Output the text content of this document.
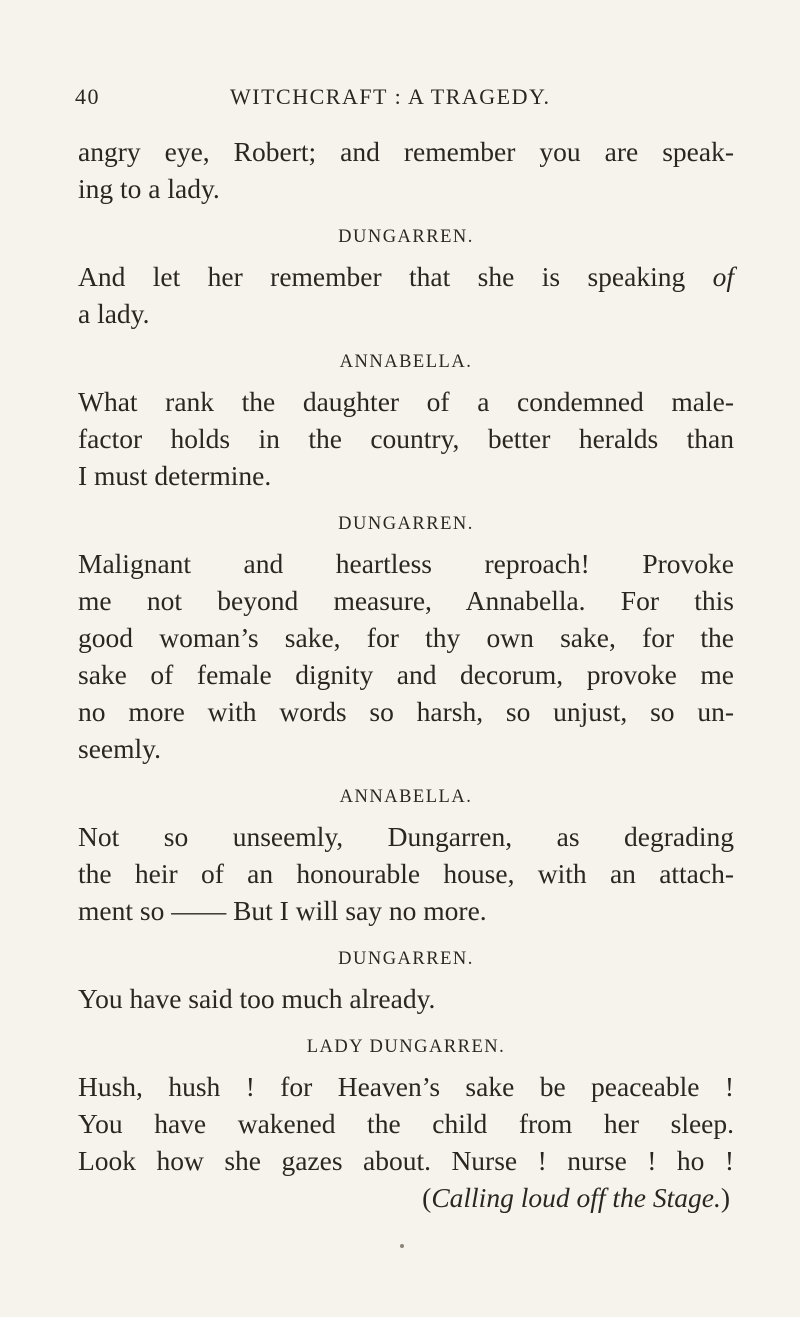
40	WITCHCRAFT : A TRAGEDY.

angry eye, Robert; and remember you are speak-
ing to a lady.

DUNGARREN.

And let her remember that she is speaking of
a lady.

ANNABELLA.

What rank the daughter of a condemned male-
factor holds in the country, better heralds than
I must determine.

DUNGARREN.

Malignant and heartless reproach! Provoke
me not beyond measure, Annabella. For this
good woman’s sake, for thy own sake, for the
sake of female dignity and decorum, provoke me
no more with words so harsh, so unjust, so un-
seemly.

ANNABELLA.

Not so unseemly, Dungarren, as degrading
the heir of an honourable house, with an attach-
ment so —— But I will say no more.

DUNGARREN.

You have said too much already.

LADY DUNGARREN.

Hush, hush ! for Heaven’s sake be peaceable !
You have wakened the child from her sleep.
Look how she gazes about. Nurse ! nurse ! ho !

(Calling loud off the Stage.)
